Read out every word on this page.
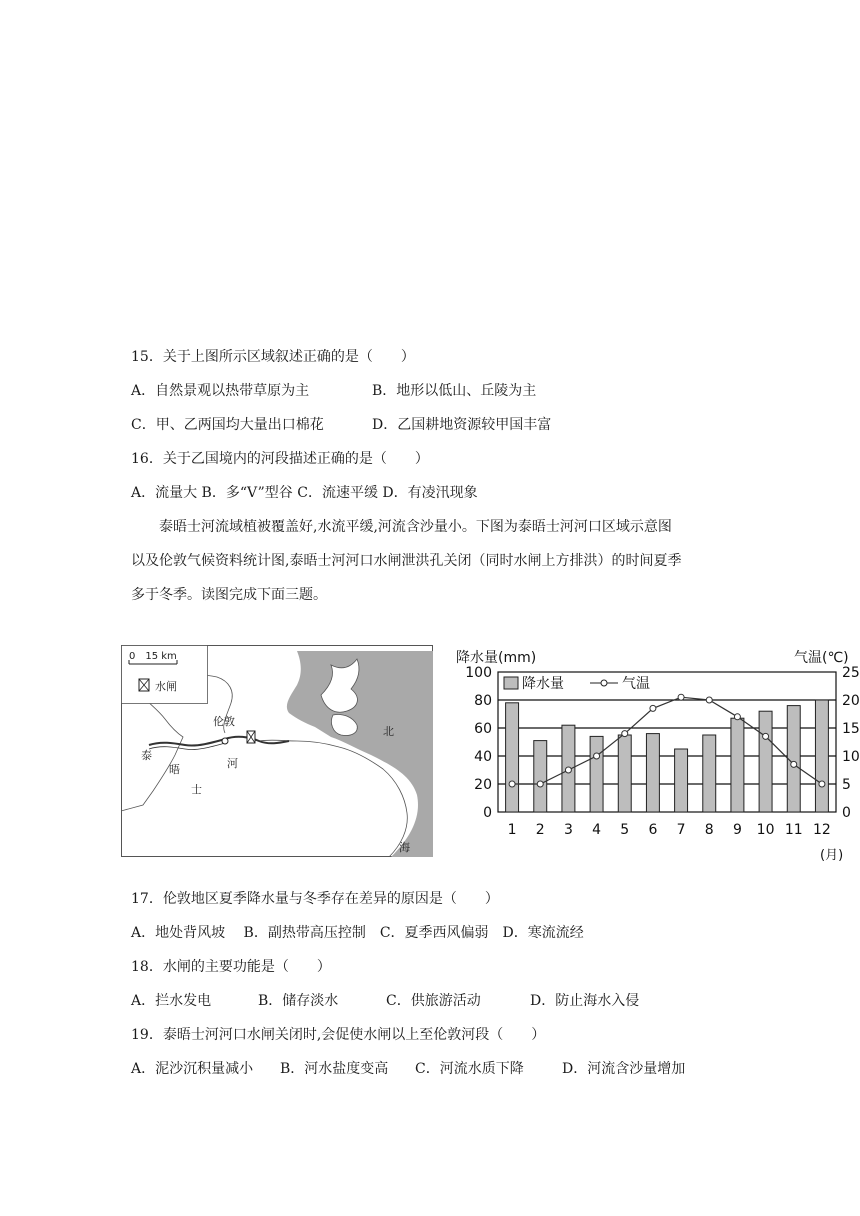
15．关于上图所示区域叙述正确的是（　　）
A．自然景观以热带草原为主	B．地形以低山、丘陵为主
C．甲、乙两国均大量出口棉花	D．乙国耕地资源较甲国丰富
16．关于乙国境内的河段描述正确的是（　　）
A．流量大 B．多“V”型谷 C．流速平缓 D．有凌汛现象
泰晤士河流域植被覆盖好,水流平缓,河流含沙量小。下图为泰晤士河河口区域示意图
以及伦敦气候资料统计图,泰晤士河河口水闸泄洪孔关闭（同时水闸上方排洪）的时间夏季
多于冬季。读图完成下面三题。
0　15 km
水闸
伦敦
泰
晤
士
河
北
海
降水量(mm)	气温(℃)
0
20
40
60
80
100
0
5
10
15
20
25
1 2 3 4 5 6 7 8 9 10 11 12
降水量	气温
(月)
17．伦敦地区夏季降水量与冬季存在差异的原因是（　　）
A．地处背风坡　 B．副热带高压控制　C．夏季西风偏弱　D．寒流流经
18．水闸的主要功能是（　　）
A．拦水发电	B．储存淡水	C．供旅游活动	D．防止海水入侵
19．泰晤士河河口水闸关闭时,会促使水闸以上至伦敦河段（　　）
A．泥沙沉积量减小 B．河水盐度变高 C．河流水质下降	D．河流含沙量增加
